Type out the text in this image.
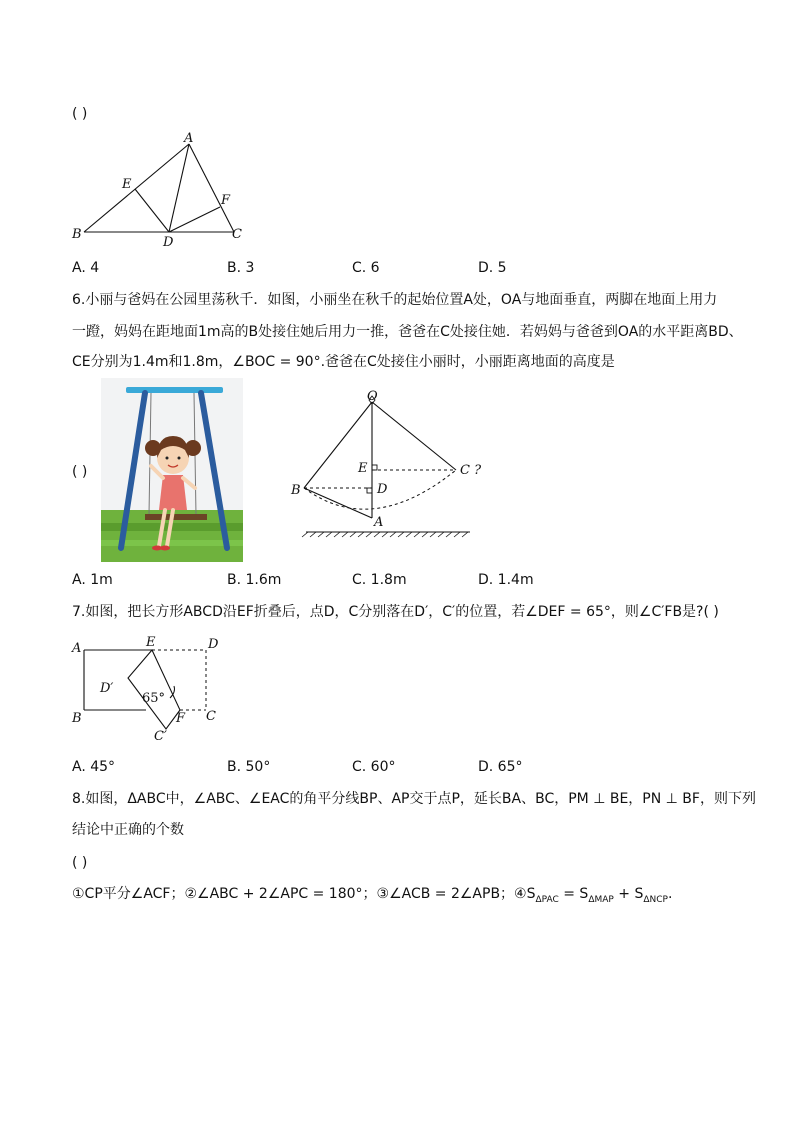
( )
A
E
F
B
D
C
A. 4	B. 3	C. 6	D. 5
6.小丽与爸妈在公园里荡秋千．如图，小丽坐在秋千的起始位置A处，OA与地面垂直，两脚在地面上用力
一蹬，妈妈在距地面1m高的B处接住她后用力一推，爸爸在C处接住她．若妈妈与爸爸到OA的水平距离BD、
CE分别为1.4m和1.8m，∠BOC = 90°.爸爸在C处接住小丽时，小丽距离地面的高度是
( )
O
E	C ?
B	D
A
A. 1m	B. 1.6m	C. 1.8m	D. 1.4m
7.如图，把长方形ABCD沿EF折叠后，点D，C分别落在D′，C′的位置，若∠DEF = 65°，则∠C′FB是?( )
A	E	D
D′
65°
B	F C
C′
A. 45°	B. 50°	C. 60°	D. 65°
8.如图，ΔABC中，∠ABC、∠EAC的角平分线BP、AP交于点P，延长BA、BC，PM ⊥ BE，PN ⊥ BF，则下列
结论中正确的个数
( )
①CP平分∠ACF；②∠ABC + 2∠APC = 180°；③∠ACB = 2∠APB；$④S_{\Delta PAC} = S_{\Delta MAP} + S_{\Delta NCP}$.
